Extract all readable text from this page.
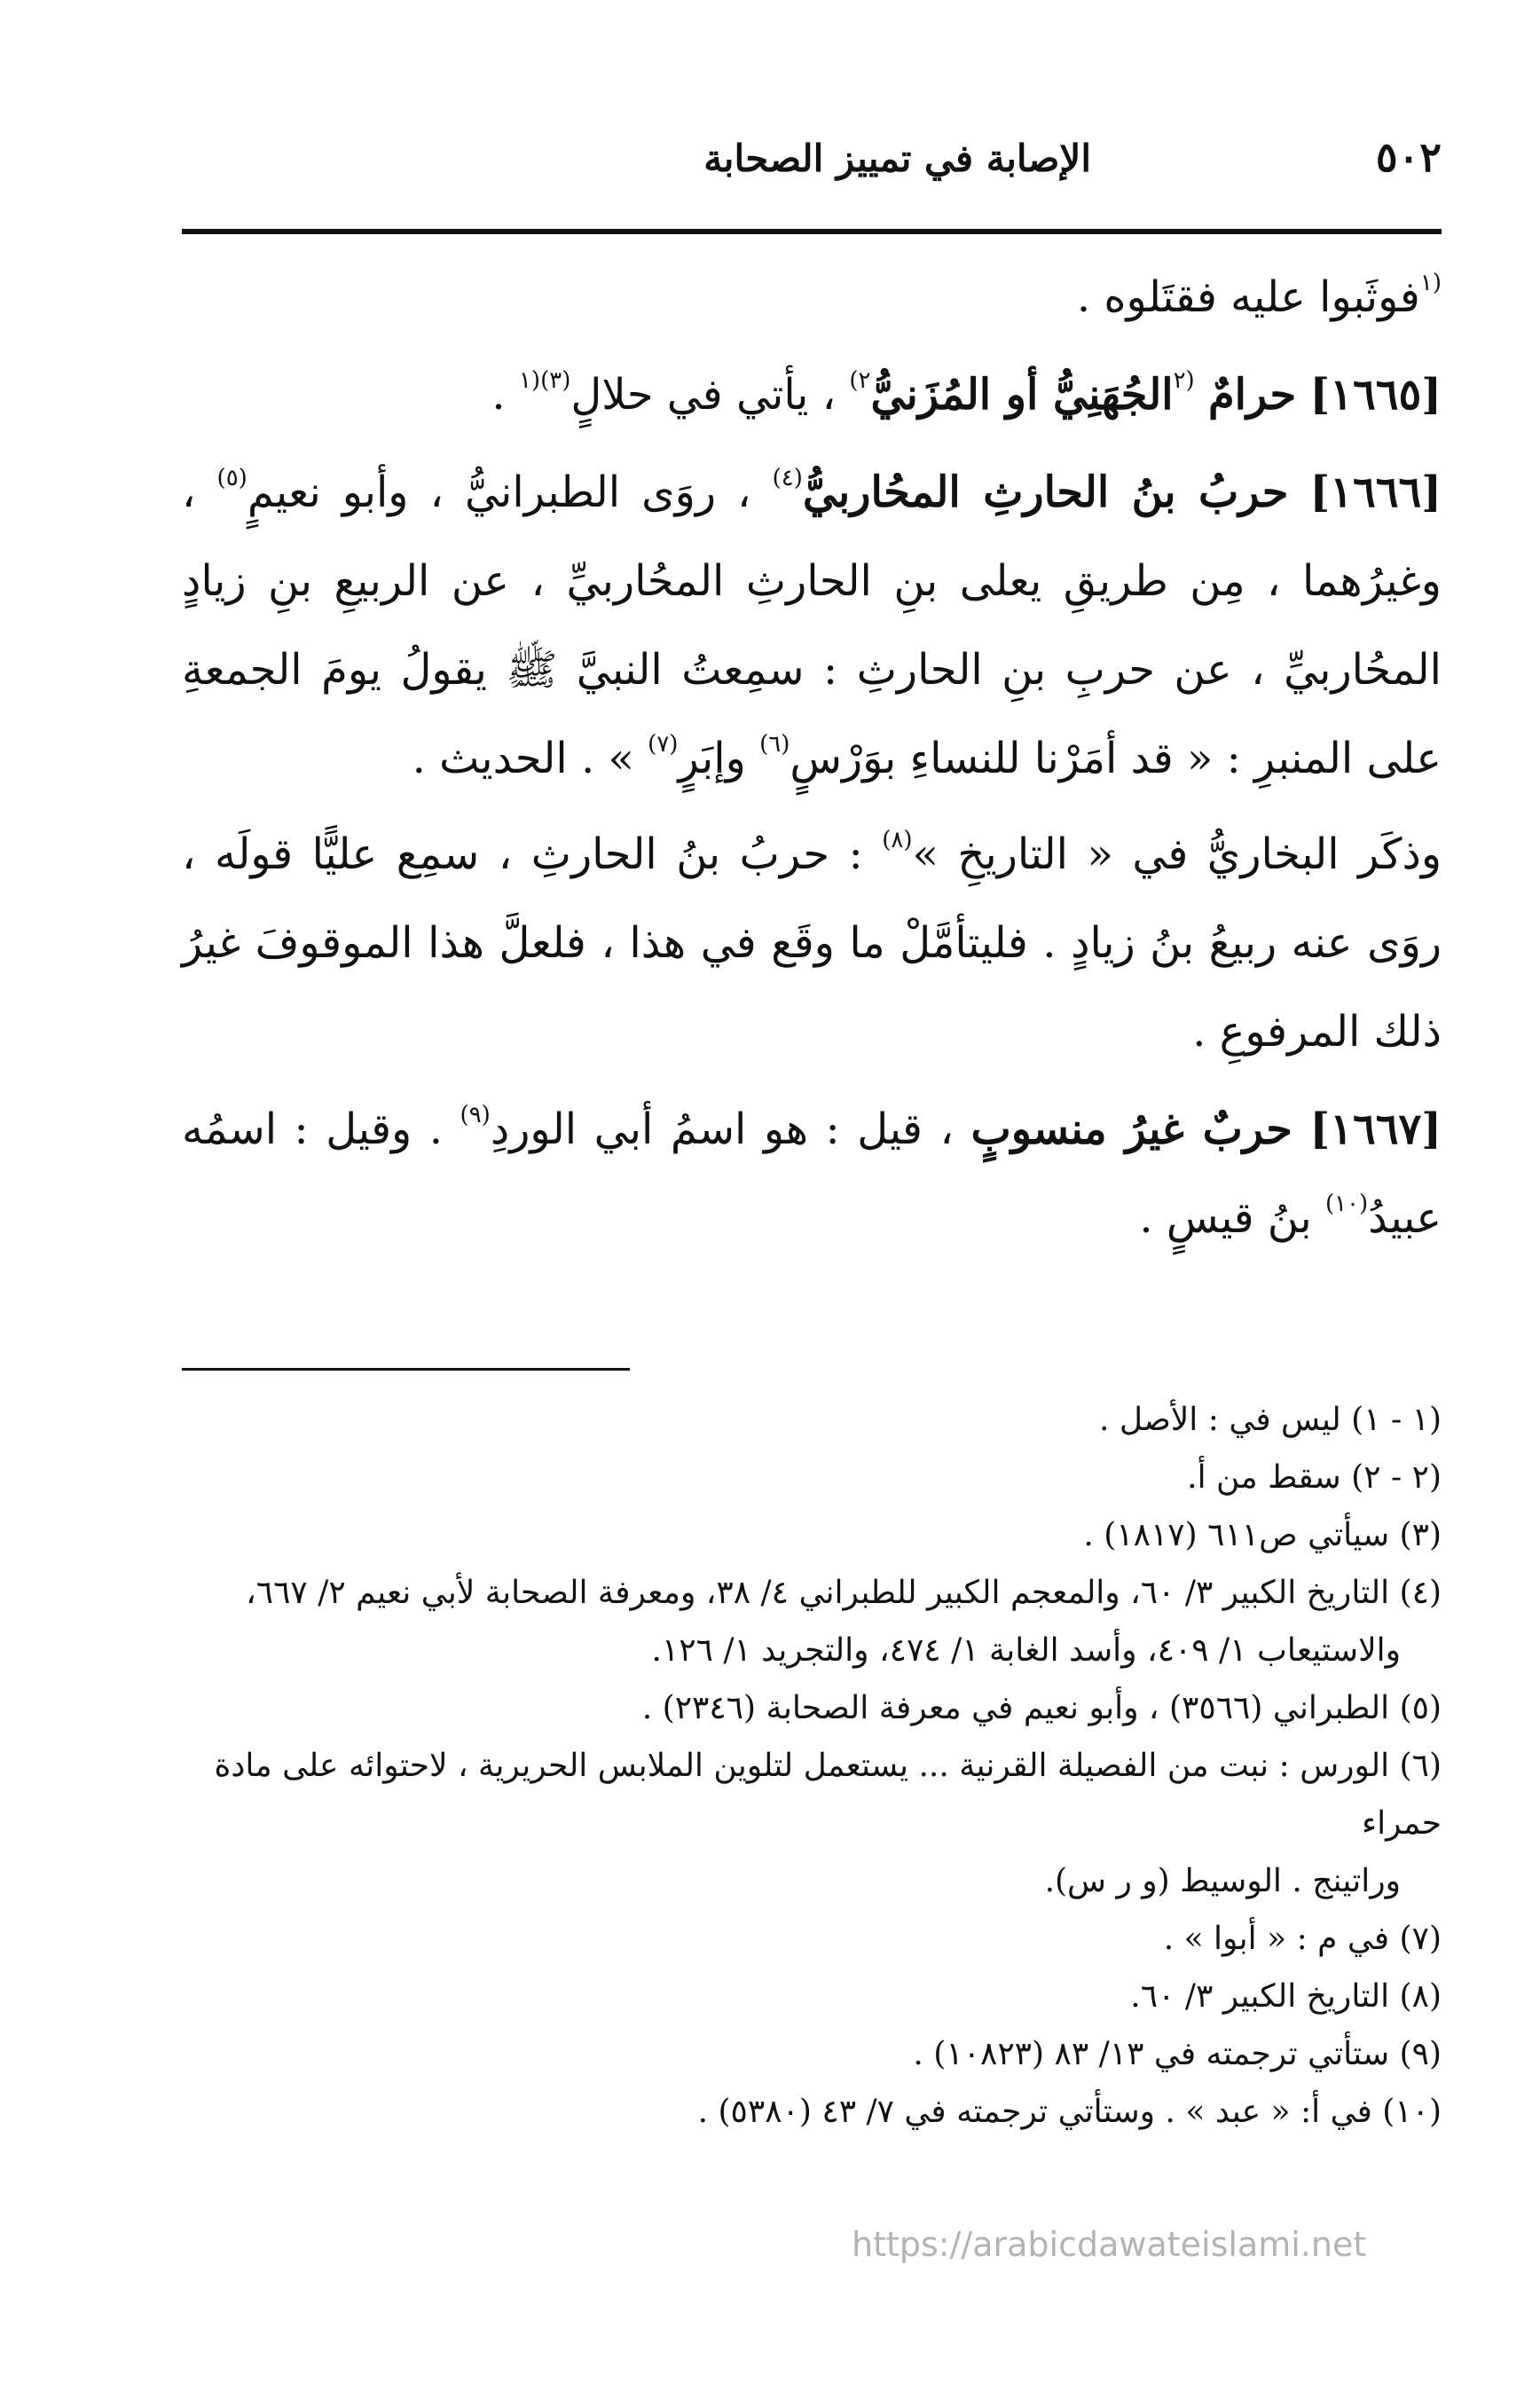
٥٠٢
الإصابة في تمييز الصحابة

$^{(١}$فوثَبوا عليه فقتَلوه .

[١٦٦٥] حرامٌ $^{(٢}$الجُهَنِيُّ أو المُزَنيُّ$^{٢)}$ ، يأتي في حلالٍ$^{(٣)(١}$ .

[١٦٦٦] حربُ بنُ الحارثِ المحُاربيُّ$^{(٤)}$ ، روَى الطبرانيُّ ، وأبو نعيمٍ$^{(٥)}$ ، وغيرُهما ، مِن طريقِ يعلى بنِ الحارثِ المحُاربيِّ ، عن الربيعِ بنِ زيادٍ المحُاربيِّ ، عن حربِ بنِ الحارثِ : سمِعتُ النبيَّ ﷺ يقولُ يومَ الجمعةِ على المنبرِ : « قد أمَرْنا للنساءِ بوَرْسٍ$^{(٦)}$ وإبَرٍ$^{(٧)}$ » . الحديث .

وذكَر البخاريُّ في « التاريخِ »$^{(٨)}$ : حربُ بنُ الحارثِ ، سمِع عليًّا قولَه ، روَى عنه ربيعُ بنُ زيادٍ . فليتأمَّلْ ما وقَع في هذا ، فلعلَّ هذا الموقوفَ غيرُ ذلك المرفوعِ .

[١٦٦٧] حربٌ غيرُ منسوبٍ ، قيل : هو اسمُ أبي الوردِ$^{(٩)}$ . وقيل : اسمُه عبيدُ$^{(١٠)}$ بنُ قيسٍ .

(١ - ١) ليس في : الأصل .

(٢ - ٢) سقط من أ.

(٣) سيأتي ص٦١١ (١٨١٧) .

(٤) التاريخ الكبير ٣/ ٦٠، والمعجم الكبير للطبراني ٤/ ٣٨، ومعرفة الصحابة لأبي نعيم ٢/ ٦٦٧،
والاستيعاب ١/ ٤٠٩، وأسد الغابة ١/ ٤٧٤، والتجريد ١/ ١٢٦.

(٥) الطبراني (٣٥٦٦) ، وأبو نعيم في معرفة الصحابة (٢٣٤٦) .

(٦) الورس : نبت من الفصيلة القرنية ... يستعمل لتلوين الملابس الحريرية ، لاحتوائه على مادة حمراء
وراتينج . الوسيط (و ر س).

(٧) في م : « أبوا » .

(٨) التاريخ الكبير ٣/ ٦٠.

(٩) ستأتي ترجمته في ١٣/ ٨٣ (١٠٨٢٣) .

(١٠) في أ: « عبد » . وستأتي ترجمته في ٧/ ٤٣ (٥٣٨٠) .

https://arabicdawateislami.net
